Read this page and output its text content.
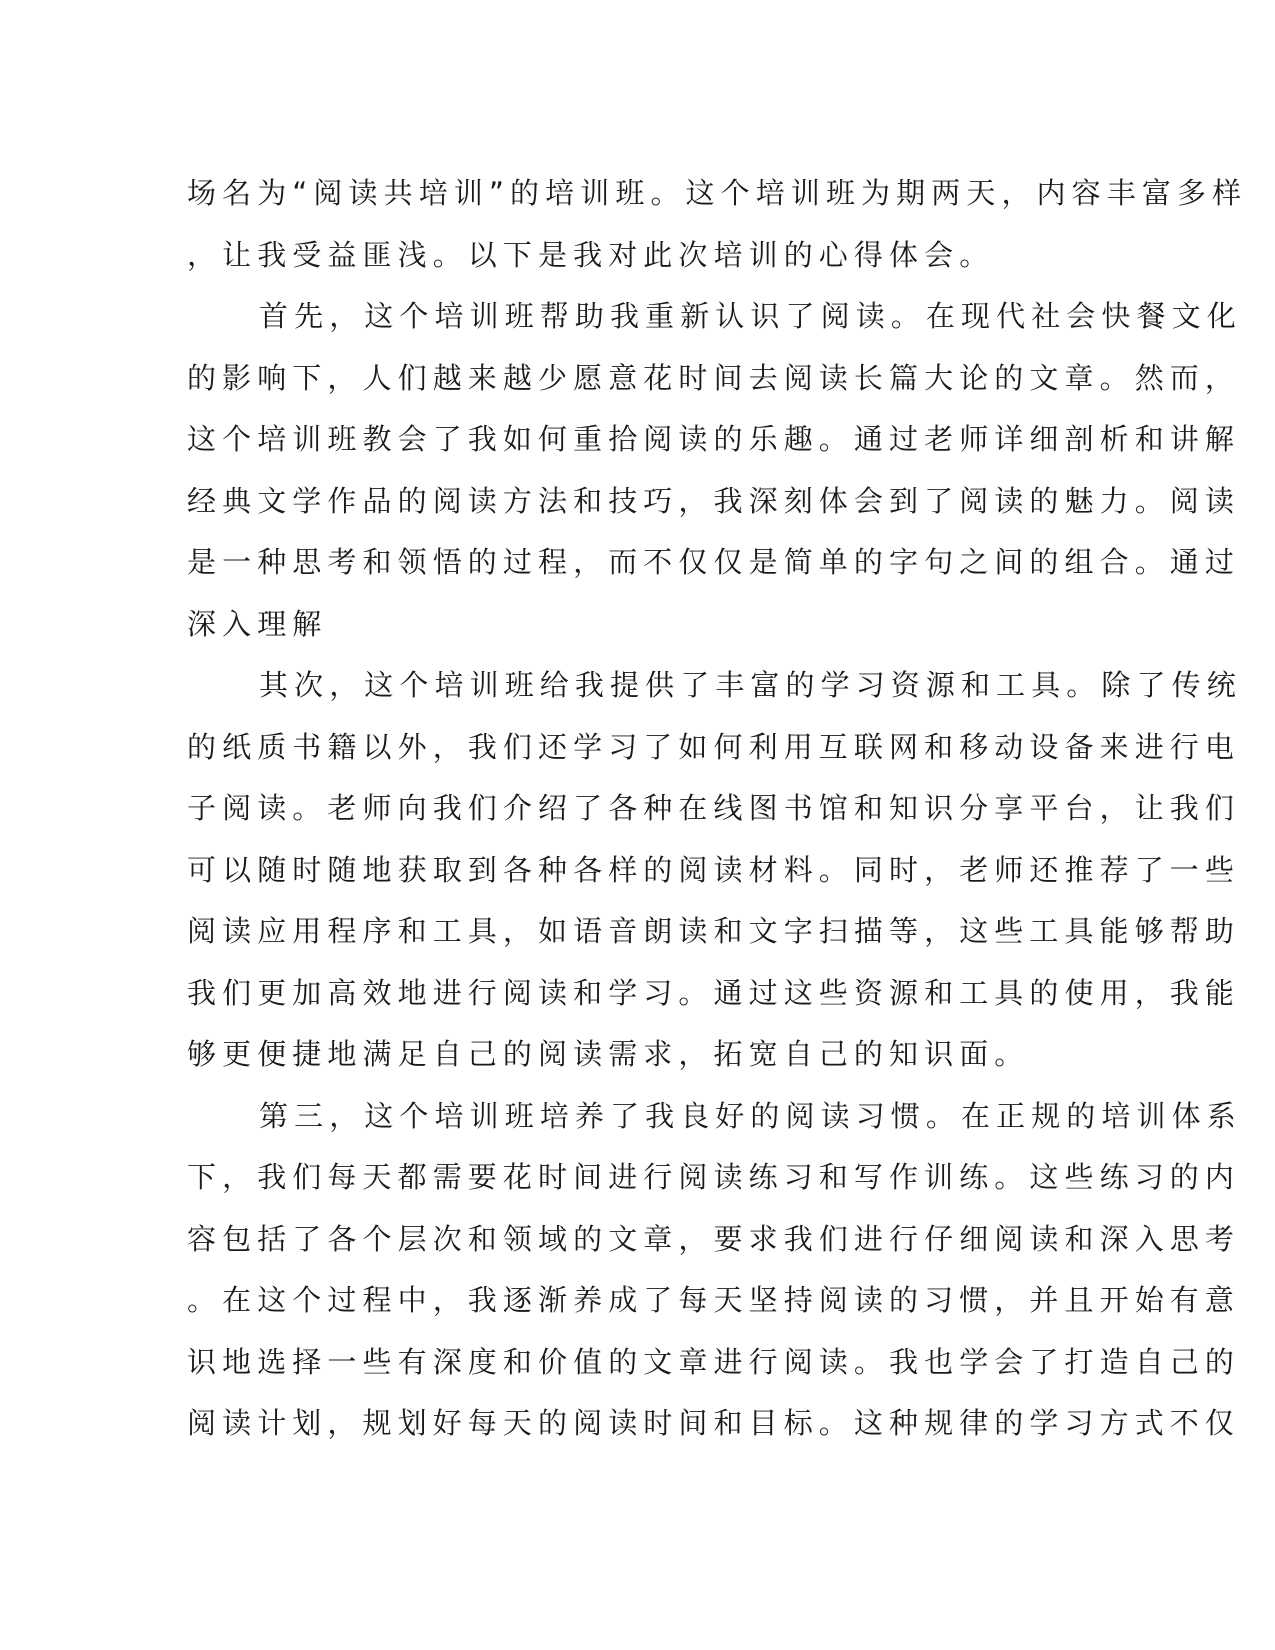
场名为“阅读共培训”的培训班。这个培训班为期两天，内容丰富多样
，让我受益匪浅。以下是我对此次培训的心得体会。
首先，这个培训班帮助我重新认识了阅读。在现代社会快餐文化
的影响下，人们越来越少愿意花时间去阅读长篇大论的文章。然而，
这个培训班教会了我如何重拾阅读的乐趣。通过老师详细剖析和讲解
经典文学作品的阅读方法和技巧，我深刻体会到了阅读的魅力。阅读
是一种思考和领悟的过程，而不仅仅是简单的字句之间的组合。通过
深入理解
其次，这个培训班给我提供了丰富的学习资源和工具。除了传统
的纸质书籍以外，我们还学习了如何利用互联网和移动设备来进行电
子阅读。老师向我们介绍了各种在线图书馆和知识分享平台，让我们
可以随时随地获取到各种各样的阅读材料。同时，老师还推荐了一些
阅读应用程序和工具，如语音朗读和文字扫描等，这些工具能够帮助
我们更加高效地进行阅读和学习。通过这些资源和工具的使用，我能
够更便捷地满足自己的阅读需求，拓宽自己的知识面。
第三，这个培训班培养了我良好的阅读习惯。在正规的培训体系
下，我们每天都需要花时间进行阅读练习和写作训练。这些练习的内
容包括了各个层次和领域的文章，要求我们进行仔细阅读和深入思考
。在这个过程中，我逐渐养成了每天坚持阅读的习惯，并且开始有意
识地选择一些有深度和价值的文章进行阅读。我也学会了打造自己的
阅读计划，规划好每天的阅读时间和目标。这种规律的学习方式不仅
